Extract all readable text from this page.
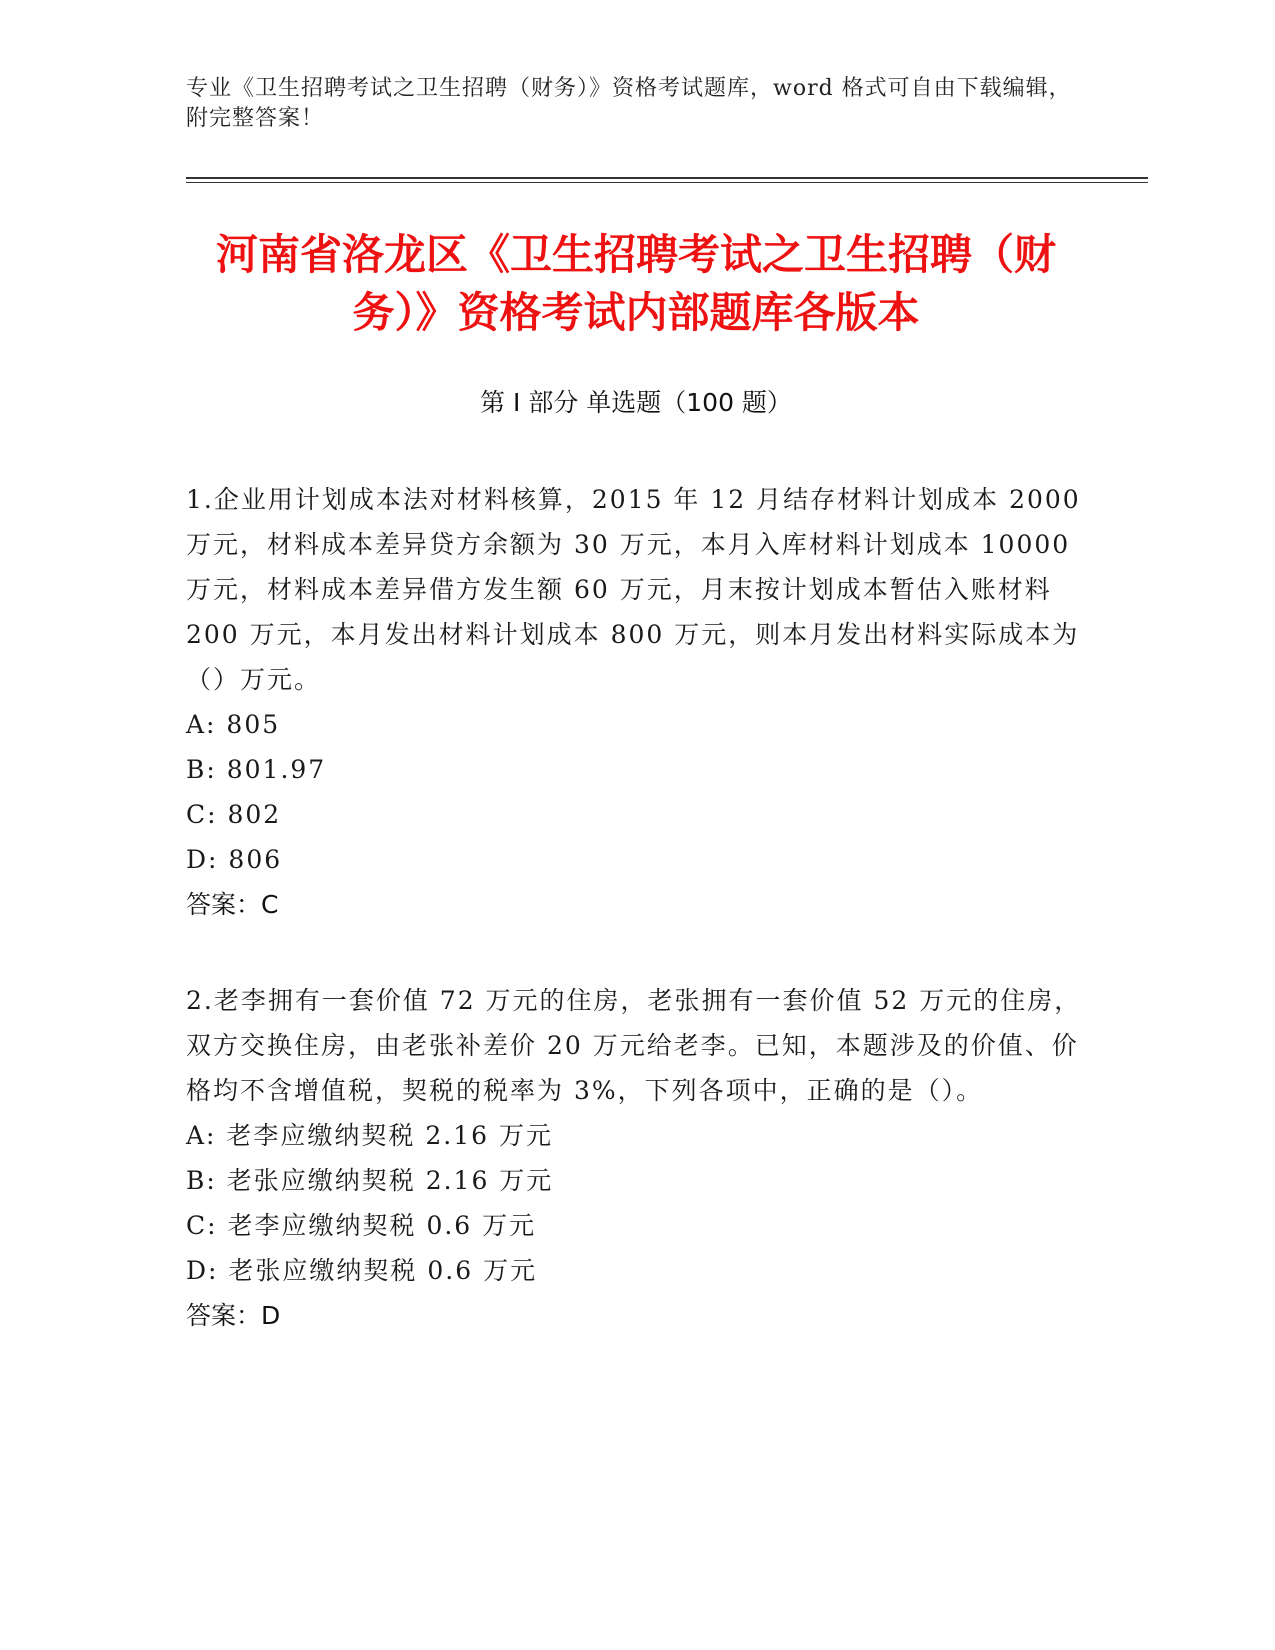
专业《卫生招聘考试之卫生招聘（财务）》资格考试题库，word 格式可自由下载编辑，附完整答案！
河南省洛龙区《卫生招聘考试之卫生招聘（财务）》资格考试内部题库各版本
第 I 部分 单选题（100 题）
1.企业用计划成本法对材料核算，2015 年 12 月结存材料计划成本 2000 万元，材料成本差异贷方余额为 30 万元，本月入库材料计划成本 10000 万元，材料成本差异借方发生额 60 万元，月末按计划成本暂估入账材料 200 万元，本月发出材料计划成本 800 万元，则本月发出材料实际成本为（）万元。
A: 805
B: 801.97
C: 802
D: 806
答案：C
2.老李拥有一套价值 72 万元的住房，老张拥有一套价值 52 万元的住房，双方交换住房，由老张补差价 20 万元给老李。已知，本题涉及的价值、价格均不含增值税，契税的税率为 3%，下列各项中，正确的是（）。
A: 老李应缴纳契税 2.16 万元
B: 老张应缴纳契税 2.16 万元
C: 老李应缴纳契税 0.6 万元
D: 老张应缴纳契税 0.6 万元
答案：D
